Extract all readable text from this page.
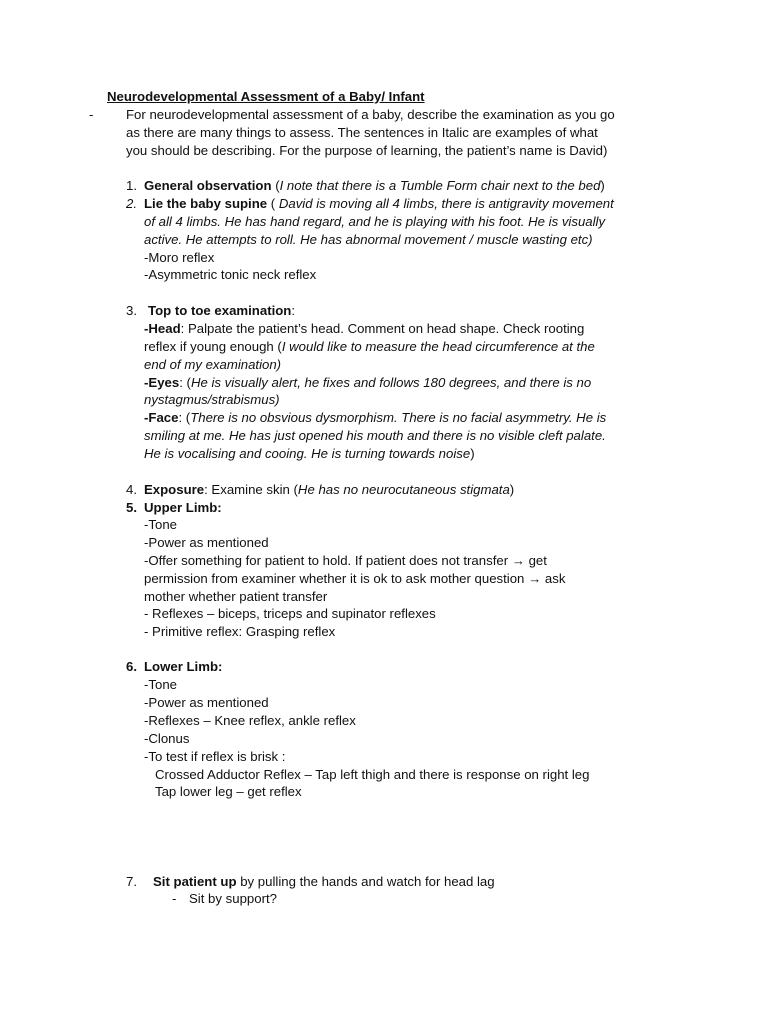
Neurodevelopmental Assessment of a Baby/ Infant
- For neurodevelopmental assessment of a baby, describe the examination as you go
as there are many things to assess. The sentences in Italic are examples of what
you should be describing. For the purpose of learning, the patient’s name is David)
1. General observation (I note that there is a Tumble Form chair next to the bed)
2. Lie the baby supine ( David is moving all 4 limbs, there is antigravity movement
of all 4 limbs. He has hand regard, and he is playing with his foot. He is visually
active. He attempts to roll. He has abnormal movement / muscle wasting etc)
-Moro reflex
-Asymmetric tonic neck reflex
3. Top to toe examination:
-Head: Palpate the patient’s head. Comment on head shape. Check rooting
reflex if young enough (I would like to measure the head circumference at the
end of my examination)
-Eyes: (He is visually alert, he fixes and follows 180 degrees, and there is no
nystagmus/strabismus)
-Face: (There is no obsvious dysmorphism. There is no facial asymmetry. He is
smiling at me. He has just opened his mouth and there is no visible cleft palate.
He is vocalising and cooing. He is turning towards noise)
4. Exposure: Examine skin (He has no neurocutaneous stigmata)
5. Upper Limb:
-Tone
-Power as mentioned
-Offer something for patient to hold. If patient does not transfer → get
permission from examiner whether it is ok to ask mother question → ask
mother whether patient transfer
- Reflexes – biceps, triceps and supinator reflexes
- Primitive reflex: Grasping reflex
6. Lower Limb:
-Tone
-Power as mentioned
-Reflexes – Knee reflex, ankle reflex
-Clonus
-To test if reflex is brisk :
Crossed Adductor Reflex – Tap left thigh and there is response on right leg
Tap lower leg – get reflex
7. Sit patient up by pulling the hands and watch for head lag
- Sit by support?
